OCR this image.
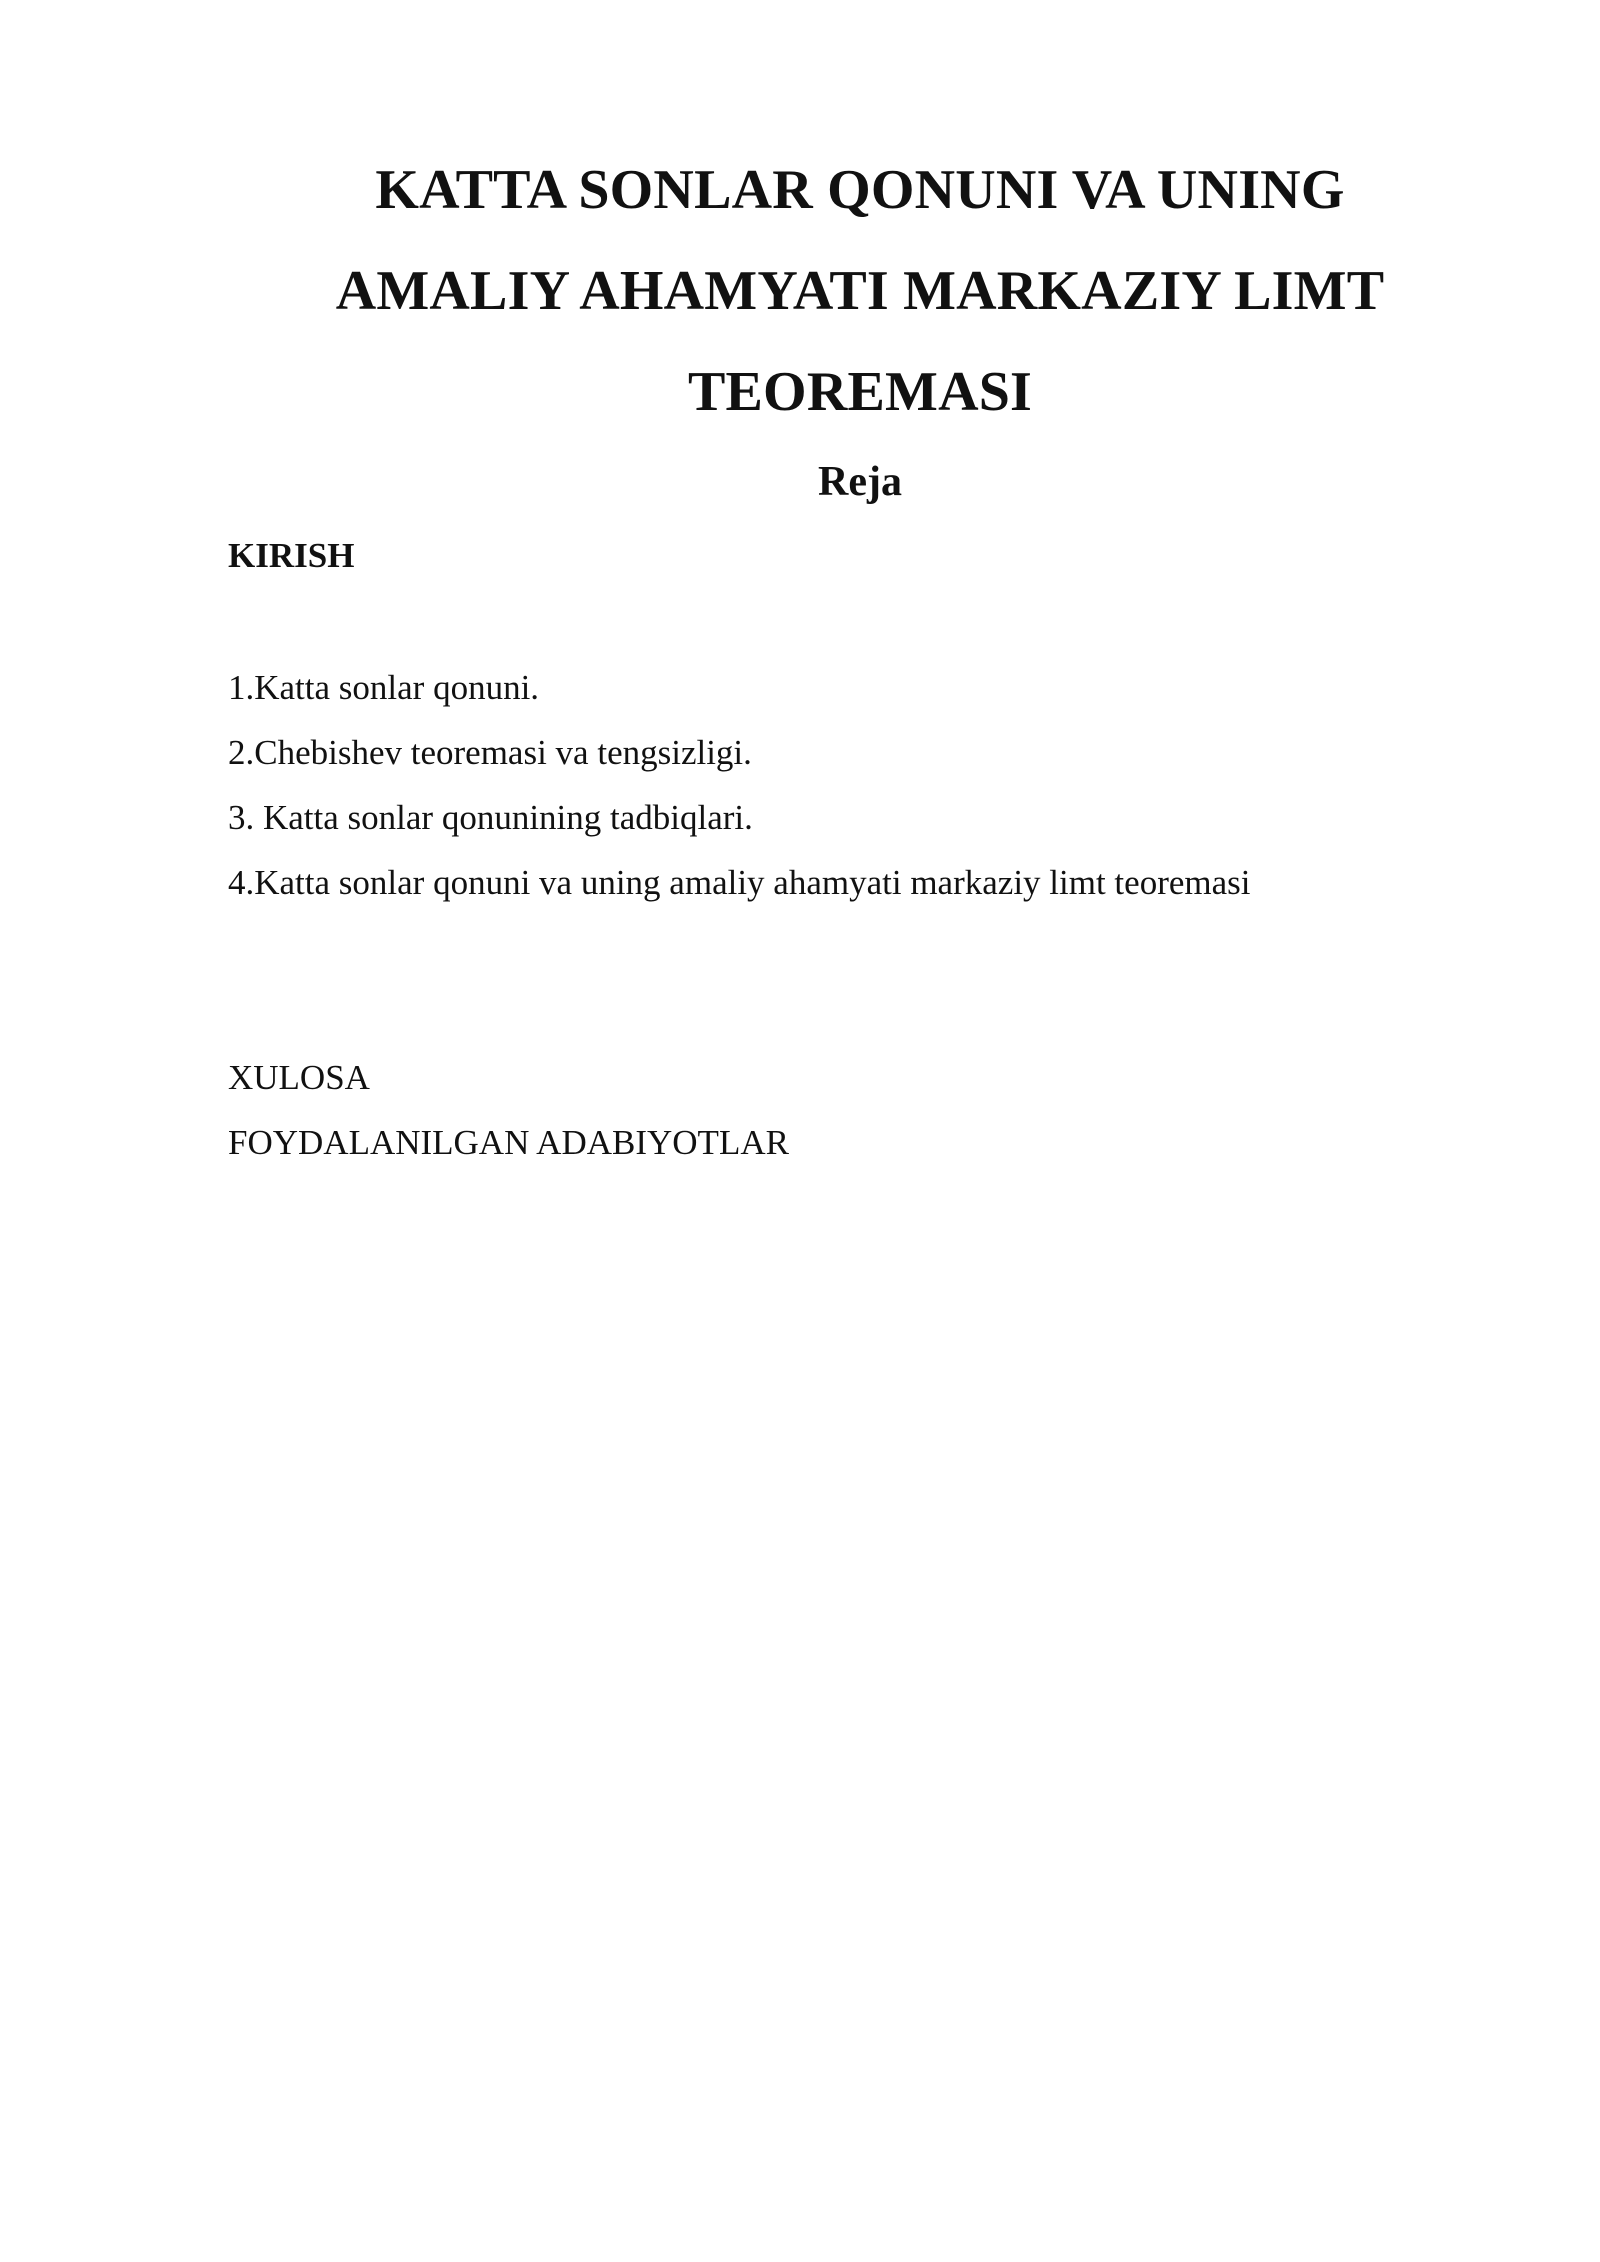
KATTA SONLAR QONUNI VA UNING
AMALIY AHAMYATI MARKAZIY LIMT
TEOREMASI
Reja

KIRISH

1.Katta sonlar qonuni.
2.Chebishev teoremasi va tengsizligi.
3. Katta sonlar qonunining tadbiqlari.
4.Katta sonlar qonuni va uning amaliy ahamyati markaziy limt teoremasi
XULOSA
FOYDALANILGAN ADABIYOTLAR
